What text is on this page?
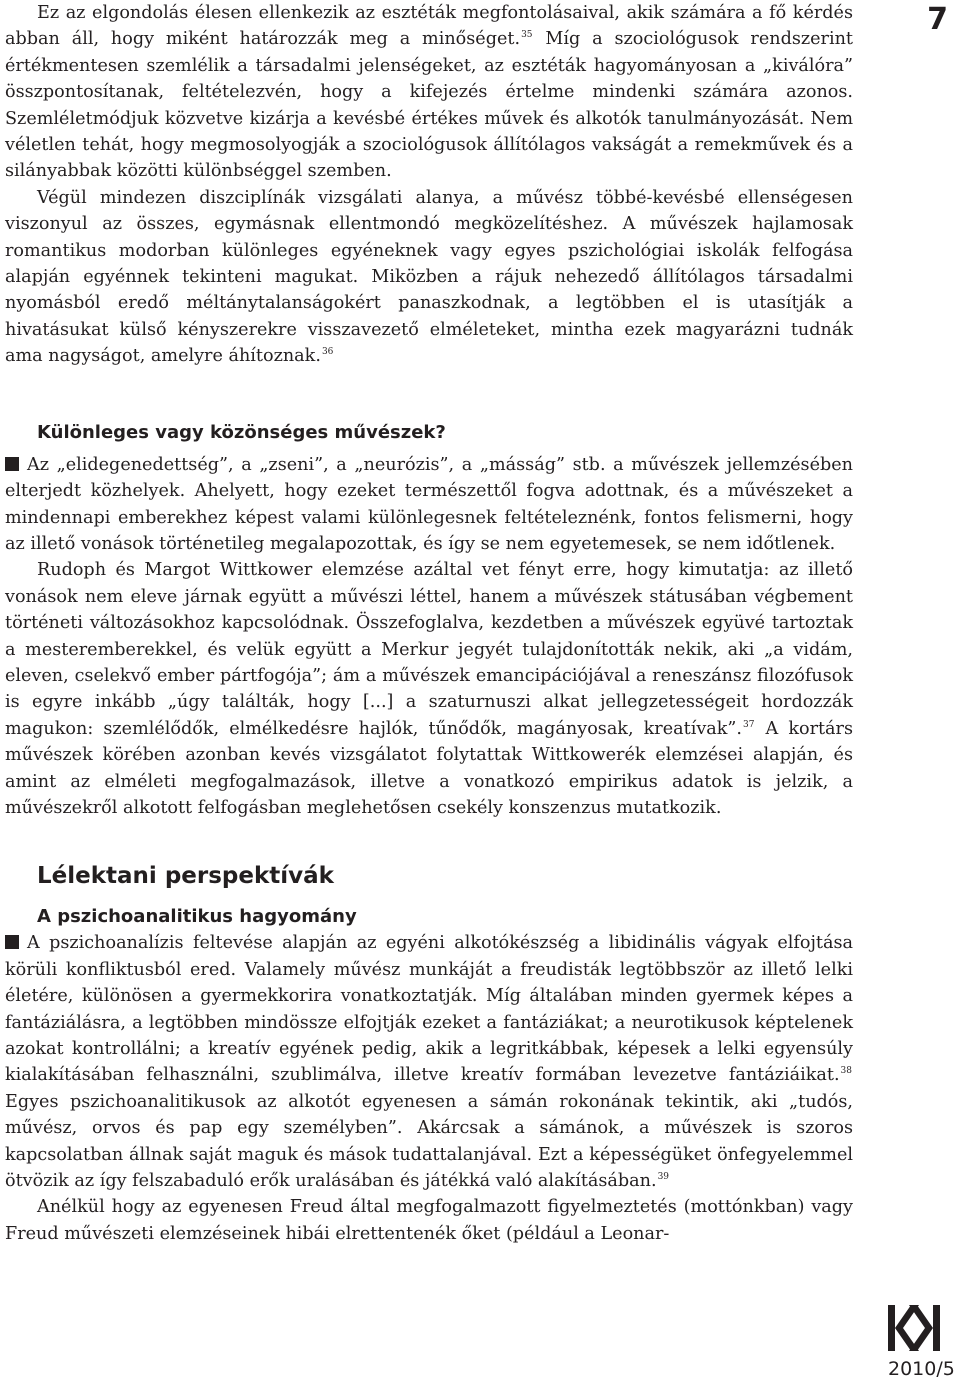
Ez az elgondolás élesen ellenkezik az esztéták megfontolásaival, akik számára a fő kérdés abban áll, hogy miként határozzák meg a minőséget.$^{35}$ Míg a szociológusok rendszerint értékmentesen szemlélik a társadalmi jelenségeket, az esztéták hagyományosan a „kiválóra” összpontosítanak, feltételezvén, hogy a kifejezés értelme mindenki számára azonos. Szemléletmódjuk közvetve kizárja a kevésbé értékes művek és alkotók tanulmányozását. Nem véletlen tehát, hogy megmosolyogják a szociológusok állítólagos vakságát a remekművek és a silányabbak közötti különbséggel szemben.

Végül mindezen diszciplínák vizsgálati alanya, a művész többé-kevésbé ellenségesen viszonyul az összes, egymásnak ellentmondó megközelítéshez. A művészek hajlamosak romantikus modorban különleges egyéneknek vagy egyes pszichológiai iskolák felfogása alapján egyénnek tekinteni magukat. Miközben a rájuk nehezedő állítólagos társadalmi nyomásból eredő méltánytalanságokért panaszkodnak, a legtöbben el is utasítják a hivatásukat külső kényszerekre visszavezető elméleteket, mintha ezek magyarázni tudnák ama nagyságot, amelyre áhítoznak.$^{36}$

Különleges vagy közönséges művészek?

Az „elidegenedettség”, a „zseni”, a „neurózis”, a „másság” stb. a művészek jellemzésében elterjedt közhelyek. Ahelyett, hogy ezeket természettől fogva adottnak, és a művészeket a mindennapi emberekhez képest valami különlegesnek feltételeznénk, fontos felismerni, hogy az illető vonások történetileg megalapozottak, és így se nem egyetemesek, se nem időtlenek.

Rudoph és Margot Wittkower elemzése azáltal vet fényt erre, hogy kimutatja: az illető vonások nem eleve járnak együtt a művészi léttel, hanem a művészek státusában végbement történeti változásokhoz kapcsolódnak. Összefoglalva, kezdetben a művészek együvé tartoztak a mesteremberekkel, és velük együtt a Merkur jegyét tulajdonították nekik, aki „a vidám, eleven, cselekvő ember pártfogója”; ám a művészek emancipációjával a reneszánsz filozófusok is egyre inkább „úgy találták, hogy [...] a szaturnuszi alkat jellegzetességeit hordozzák magukon: szemlélődők, elmélkedésre hajlók, tűnődők, magányosak, kreatívak”.$^{37}$ A kortárs művészek körében azonban kevés vizsgálatot folytattak Wittkowerék elemzései alapján, és amint az elméleti megfogalmazások, illetve a vonatkozó empirikus adatok is jelzik, a művészekről alkotott felfogásban meglehetősen csekély konszenzus mutatkozik.

Lélektani perspektívák
A pszichoanalitikus hagyomány

A pszichoanalízis feltevése alapján az egyéni alkotókészség a libidinális vágyak elfojtása körüli konfliktusból ered. Valamely művész munkáját a freudisták legtöbbször az illető lelki életére, különösen a gyermekkorira vonatkoztatják. Míg általában minden gyermek képes a fantáziálásra, a legtöbben mindössze elfojtják ezeket a fantáziákat; a neurotikusok képtelenek azokat kontrollálni; a kreatív egyének pedig, akik a legritkábbak, képesek a lelki egyensúly kialakításában felhasználni, szublimálva, illetve kreatív formában levezetve fantáziáikat.$^{38}$ Egyes pszichoanalitikusok az alkotót egyenesen a sámán rokonának tekintik, aki „tudós, művész, orvos és pap egy személyben”. Akárcsak a sámánok, a művészek is szoros kapcsolatban állnak saját maguk és mások tudattalanjával. Ezt a képességüket önfegyelemmel ötvözik az így felszabaduló erők uralásában és játékká való alakításában.$^{39}$

Anélkül hogy az egyenesen Freud által megfogalmazott figyelmeztetés (mottónkban) vagy Freud művészeti elemzéseinek hibái elrettentenék őket (például a Leonar-

7
2010/5
